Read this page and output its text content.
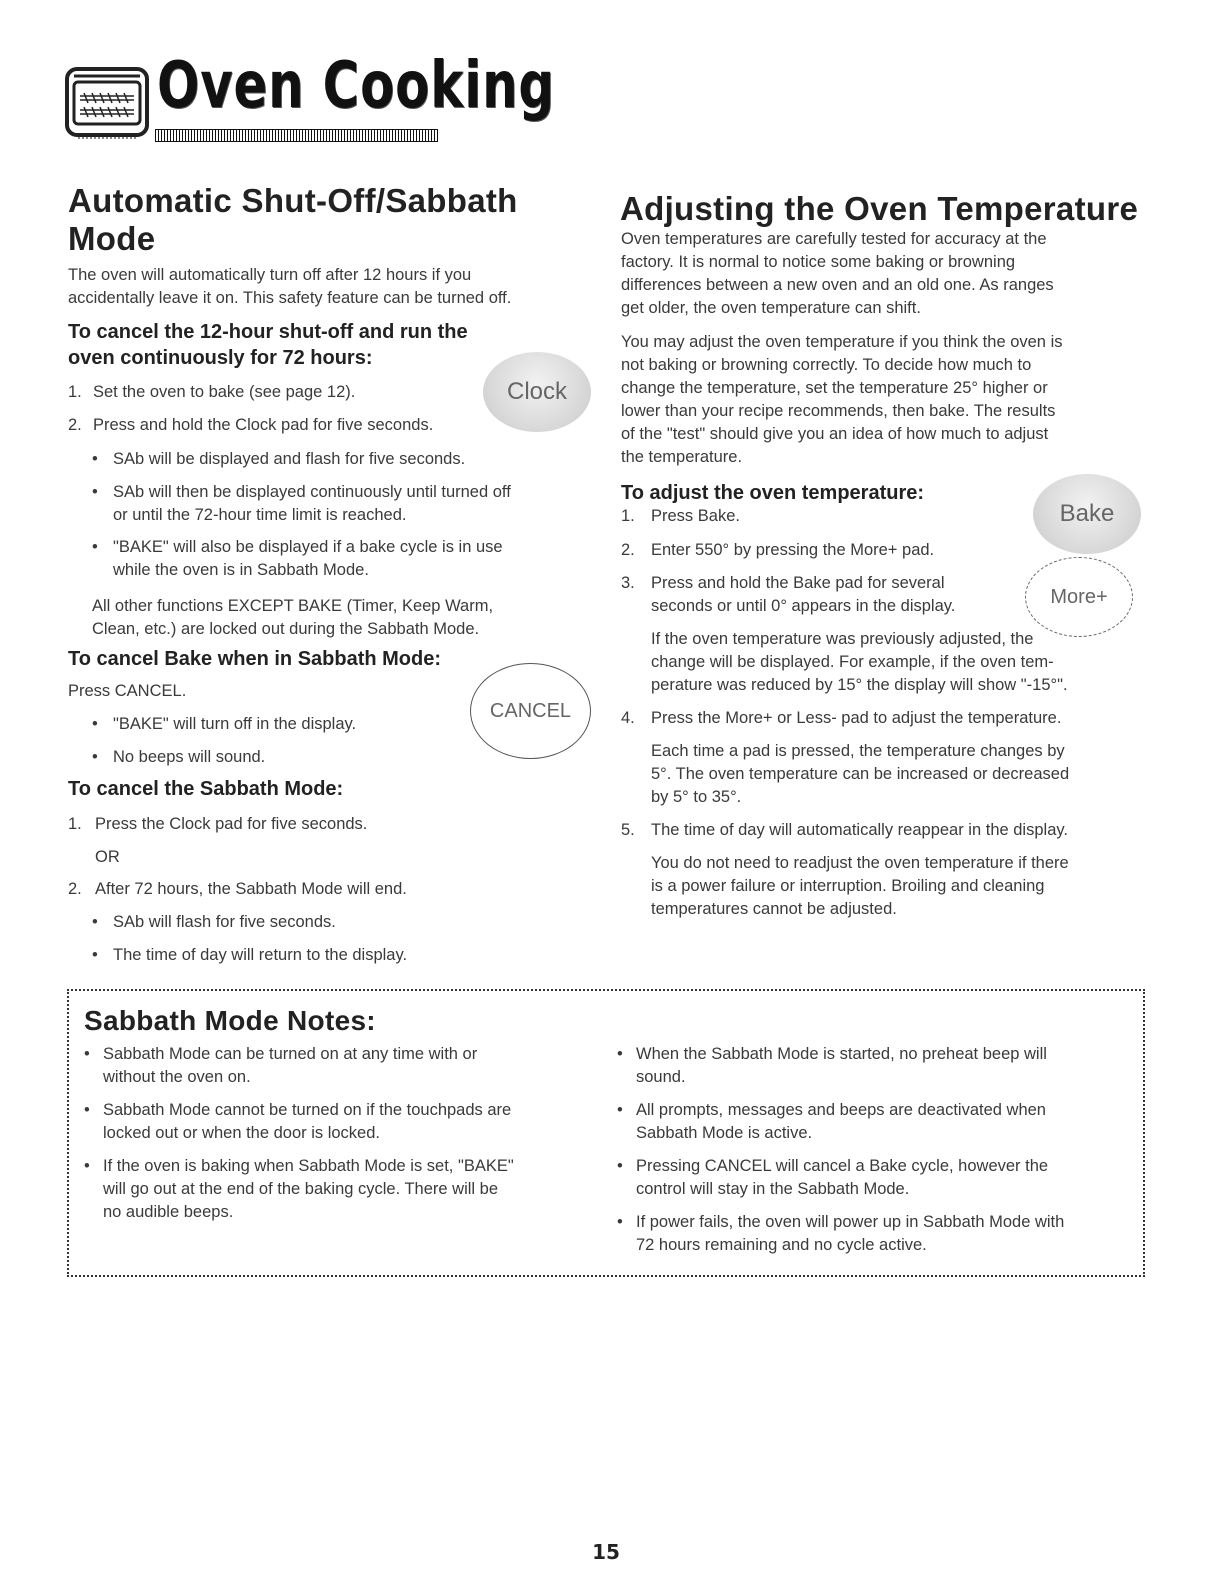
Oven Cooking
Automatic Shut-Off/Sabbath
Mode

The oven will automatically turn off after 12 hours if you
accidentally leave it on. This safety feature can be turned off.

To cancel the 12-hour shut-off and run the
oven continuously for 72 hours:
1. Set the oven to bake (see page 12).
2. Press and hold the Clock pad for five seconds.
Clock
• SAb will be displayed and flash for five seconds.
• SAb will then be displayed continuously until turned off
or until the 72-hour time limit is reached.
• "BAKE" will also be displayed if a bake cycle is in use
while the oven is in Sabbath Mode.

All other functions EXCEPT BAKE (Timer, Keep Warm,
Clean, etc.) are locked out during the Sabbath Mode.

To cancel Bake when in Sabbath Mode:

Press CANCEL.

CANCEL
• "BAKE" will turn off in the display.
• No beeps will sound.
To cancel the Sabbath Mode:
1. Press the Clock pad for five seconds.

OR

2. After 72 hours, the Sabbath Mode will end.
• SAb will flash for five seconds.
• The time of day will return to the display.
Adjusting the Oven Temperature

Oven temperatures are carefully tested for accuracy at the
factory. It is normal to notice some baking or browning
differences between a new oven and an old one. As ranges
get older, the oven temperature can shift.

You may adjust the oven temperature if you think the oven is
not baking or browning correctly. To decide how much to
change the temperature, set the temperature 25° higher or
lower than your recipe recommends, then bake. The results
of the "test" should give you an idea of how much to adjust
the temperature.

To adjust the oven temperature:
Bake
More+
1. Press Bake.
2. Enter 550° by pressing the More+ pad.
3. Press and hold the Bake pad for several
seconds or until 0° appears in the display.

If the oven temperature was previously adjusted, the
change will be displayed. For example, if the oven tem-
perature was reduced by 15° the display will show "-15°".

4. Press the More+ or Less- pad to adjust the temperature.

Each time a pad is pressed, the temperature changes by
5°. The oven temperature can be increased or decreased
by 5° to 35°.

5. The time of day will automatically reappear in the display.

You do not need to readjust the oven temperature if there
is a power failure or interruption. Broiling and cleaning
temperatures cannot be adjusted.

Sabbath Mode Notes:
• Sabbath Mode can be turned on at any time with or
without the oven on.
• Sabbath Mode cannot be turned on if the touchpads are
locked out or when the door is locked.
• If the oven is baking when Sabbath Mode is set, "BAKE"
will go out at the end of the baking cycle. There will be
no audible beeps.
• When the Sabbath Mode is started, no preheat beep will
sound.
• All prompts, messages and beeps are deactivated when
Sabbath Mode is active.
• Pressing CANCEL will cancel a Bake cycle, however the
control will stay in the Sabbath Mode.
• If power fails, the oven will power up in Sabbath Mode with
72 hours remaining and no cycle active.
15
